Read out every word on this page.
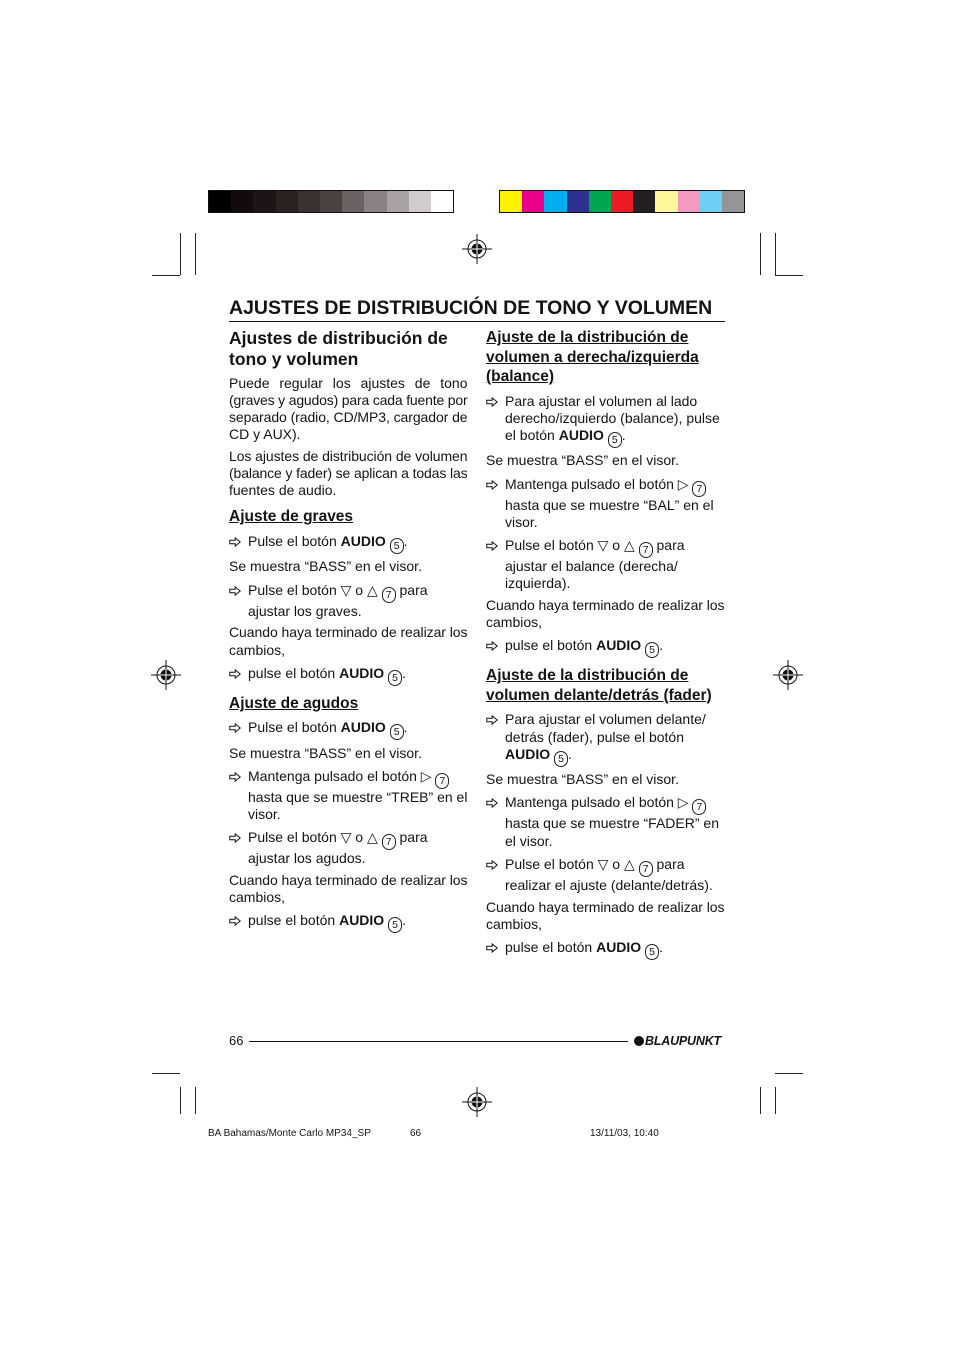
AJUSTES DE DISTRIBUCIÓN DE TONO Y VOLUMEN
Ajustes de distribución de
tono y volumen
Puede regular los ajustes de tono
(graves y agudos) para cada fuente por
separado (radio, CD/MP3, cargador de
CD y AUX).
Los ajustes de distribución de volumen
(balance y fader) se aplican a todas las
fuentes de audio.
Ajuste de graves
Pulse el botón AUDIO 5 .
Se muestra “BASS” en el visor.
Pulse el botón ▽ o △ 7 para
ajustar los graves.
Cuando haya terminado de realizar los
cambios,
pulse el botón AUDIO 5 .
Ajuste de agudos
Pulse el botón AUDIO 5 .
Se muestra “BASS” en el visor.
Mantenga pulsado el botón ▷ 7
hasta que se muestre “TREB” en el
visor.
Pulse el botón ▽ o △ 7 para
ajustar los agudos.
Cuando haya terminado de realizar los
cambios,
pulse el botón AUDIO 5 .
Ajuste de la distribución de
volumen a derecha/izquierda
(balance)
Para ajustar el volumen al lado
derecho/izquierdo (balance), pulse
el botón AUDIO 5 .
Se muestra “BASS” en el visor.
Mantenga pulsado el botón ▷ 7
hasta que se muestre “BAL” en el
visor.
Pulse el botón ▽ o △ 7 para
ajustar el balance (derecha/
izquierda).
Cuando haya terminado de realizar los
cambios,
pulse el botón AUDIO 5 .
Ajuste de la distribución de
volumen delante/detrás (fader)
Para ajustar el volumen delante/
detrás (fader), pulse el botón
AUDIO 5 .
Se muestra “BASS” en el visor.
Mantenga pulsado el botón ▷ 7
hasta que se muestre “FADER” en
el visor.
Pulse el botón ▽ o △ 7 para
realizar el ajuste (delante/detrás).
Cuando haya terminado de realizar los
cambios,
pulse el botón AUDIO 5 .
66	BLAUPUNKT
BA Bahamas/Monte Carlo MP34_SP	66	13/11/03, 10:40
